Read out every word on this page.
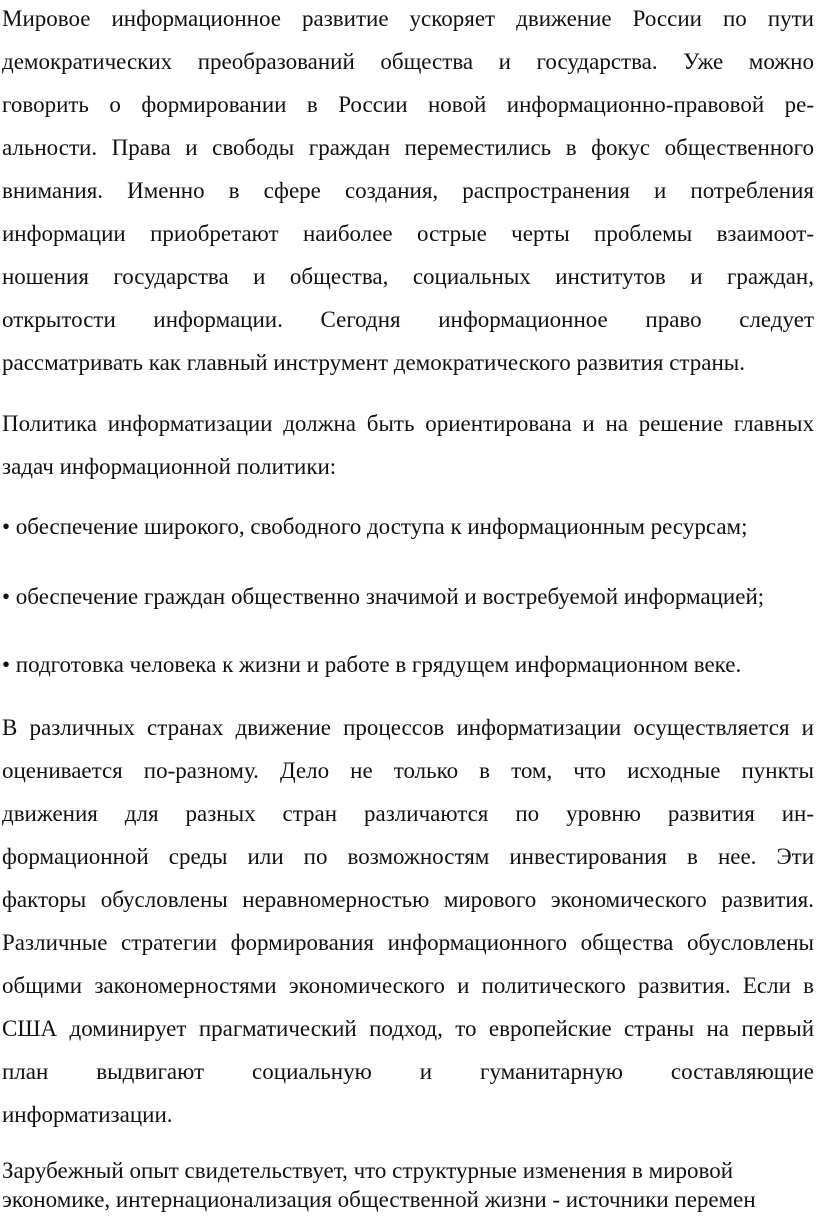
Мировое информационное развитие ускоряет движение России по пути
демократических преобразований общества и государства. Уже можно
говорить о формировании в России новой информационно-правовой ре-
альности. Права и свободы граждан переместились в фокус общественного
внимания. Именно в сфере создания, распространения и потребления
информации приобретают наиболее острые черты проблемы взаимоот-
ношения государства и общества, социальных институтов и граждан,
открытости информации. Сегодня информационное право следует
рассматривать как главный инструмент демократического развития страны.
Политика информатизации должна быть ориентирована и на решение главных
задач информационной политики:
• обеспечение широкого, свободного доступа к информационным ресурсам;
• обеспечение граждан общественно значимой и востребуемой информацией;
• подготовка человека к жизни и работе в грядущем информационном веке.
В различных странах движение процессов информатизации осуществляется и
оценивается по-разному. Дело не только в том, что исходные пункты
движения для разных стран различаются по уровню развития ин-
формационной среды или по возможностям инвестирования в нее. Эти
факторы обусловлены неравномерностью мирового экономического развития.
Различные стратегии формирования информационного общества обусловлены
общими закономерностями экономического и политического развития. Если в
США доминирует прагматический подход, то европейские страны на первый
план выдвигают социальную и гуманитарную составляющие
информатизации.
Зарубежный опыт свидетельствует, что структурные изменения в мировой
экономике, интернационализация общественной жизни - источники перемен
